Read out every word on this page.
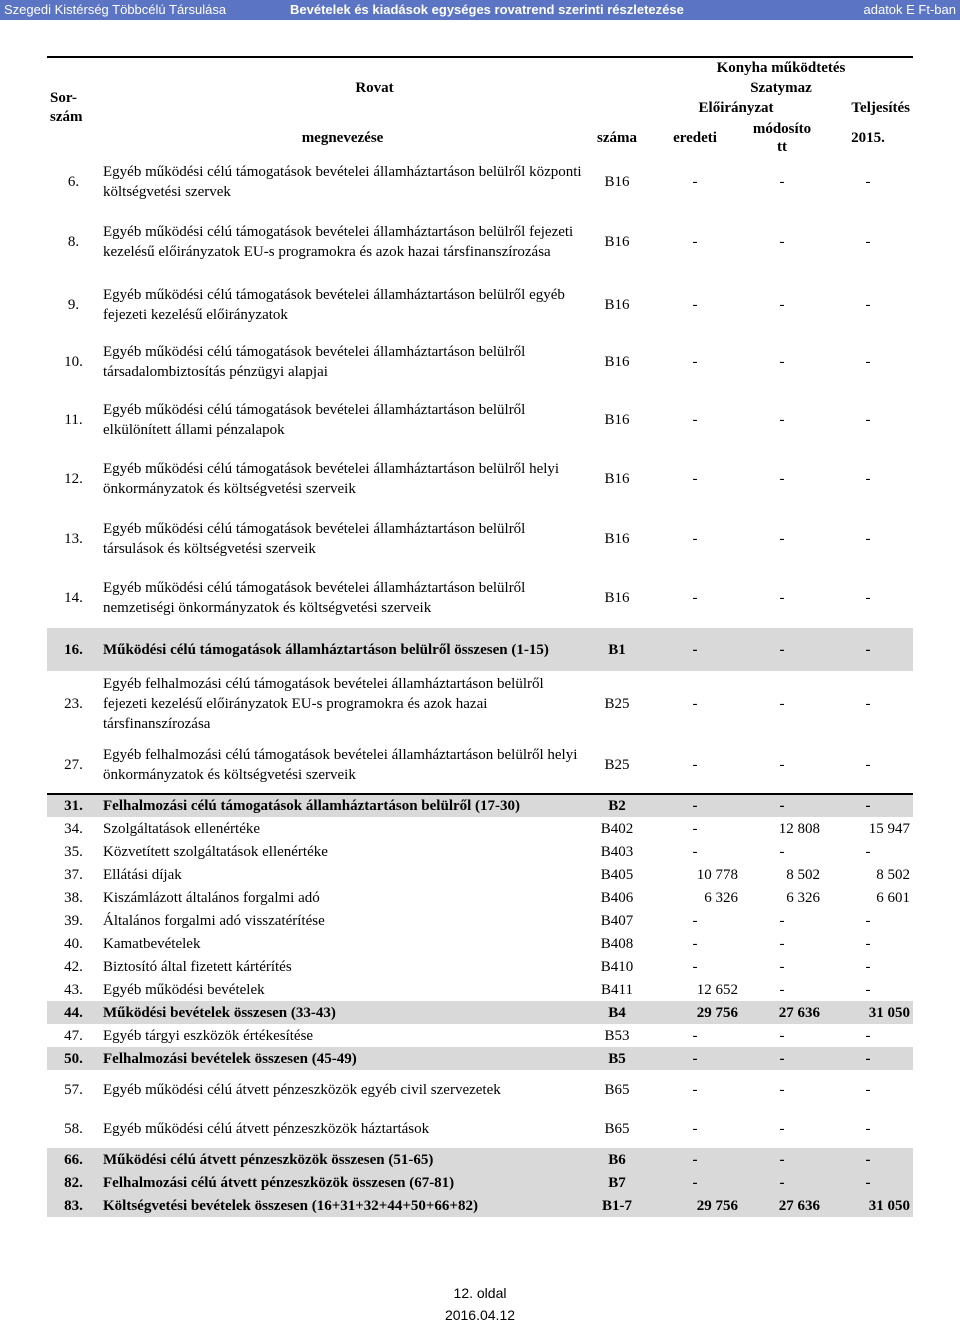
Szegedi Kistérség Többcélú Társulása	Bevételek és kiadások egységes rovatrend szerinti részletezése	adatok E Ft-ban
Sor-
szám	Rovat		Konyha működtetés		
			Szatymaz		
			Előirányzat		Teljesítés
	megnevezése	száma	eredeti	módosíto
tt	2015.
6.	Egyéb működési célú támogatások bevételei államháztartáson belülről központi költségvetési szervek	B16	-	-	-
8.	Egyéb működési célú támogatások bevételei államháztartáson belülről fejezeti kezelésű előirányzatok EU-s programokra és azok hazai társfinanszírozása	B16	-	-	-
9.	Egyéb működési célú támogatások bevételei államháztartáson belülről egyéb fejezeti kezelésű előirányzatok	B16	-	-	-
10.	Egyéb működési célú támogatások bevételei államháztartáson belülről társadalombiztosítás pénzügyi alapjai	B16	-	-	-
11.	Egyéb működési célú támogatások bevételei államháztartáson belülről elkülönített állami pénzalapok	B16	-	-	-
12.	Egyéb működési célú támogatások bevételei államháztartáson belülről helyi önkormányzatok és költségvetési szerveik	B16	-	-	-
13.	Egyéb működési célú támogatások bevételei államháztartáson belülről társulások és költségvetési szerveik	B16	-	-	-
14.	Egyéb működési célú támogatások bevételei államháztartáson belülről nemzetiségi önkormányzatok és költségvetési szerveik	B16	-	-	-
16.	Működési célú támogatások államháztartáson belülről összesen (1-15)	B1	-	-	-
23.	Egyéb felhalmozási célú támogatások bevételei államháztartáson belülről fejezeti kezelésű előirányzatok EU-s programokra és azok hazai társfinanszírozása	B25	-	-	-
27.	Egyéb felhalmozási célú támogatások bevételei államháztartáson belülről helyi önkormányzatok és költségvetési szerveik	B25	-	-	-
31.	Felhalmozási célú támogatások államháztartáson belülről (17-30)	B2	-	-	-
34.	Szolgáltatások ellenértéke	B402	-	12 808	15 947
35.	Közvetített szolgáltatások ellenértéke	B403	-	-	-
37.	Ellátási díjak	B405	10 778	8 502	8 502
38.	Kiszámlázott általános forgalmi adó	B406	6 326	6 326	6 601
39.	Általános forgalmi adó visszatérítése	B407	-	-	-
40.	Kamatbevételek	B408	-	-	-
42.	Biztosító által fizetett kártérítés	B410	-	-	-
43.	Egyéb működési bevételek	B411	12 652	-	-
44.	Működési bevételek összesen (33-43)	B4	29 756	27 636	31 050
47.	Egyéb tárgyi eszközök értékesítése	B53	-	-	-
50.	Felhalmozási bevételek összesen (45-49)	B5	-	-	-
57.	Egyéb működési célú átvett pénzeszközök egyéb civil szervezetek	B65	-	-	-
58.	Egyéb működési célú átvett pénzeszközök háztartások	B65	-	-	-
66.	Működési célú átvett pénzeszközök összesen (51-65)	B6	-	-	-
82.	Felhalmozási célú átvett pénzeszközök összesen (67-81)	B7	-	-	-
83.	Költségvetési bevételek összesen (16+31+32+44+50+66+82)	B1-7	29 756	27 636	31 050
12. oldal
2016.04.12
